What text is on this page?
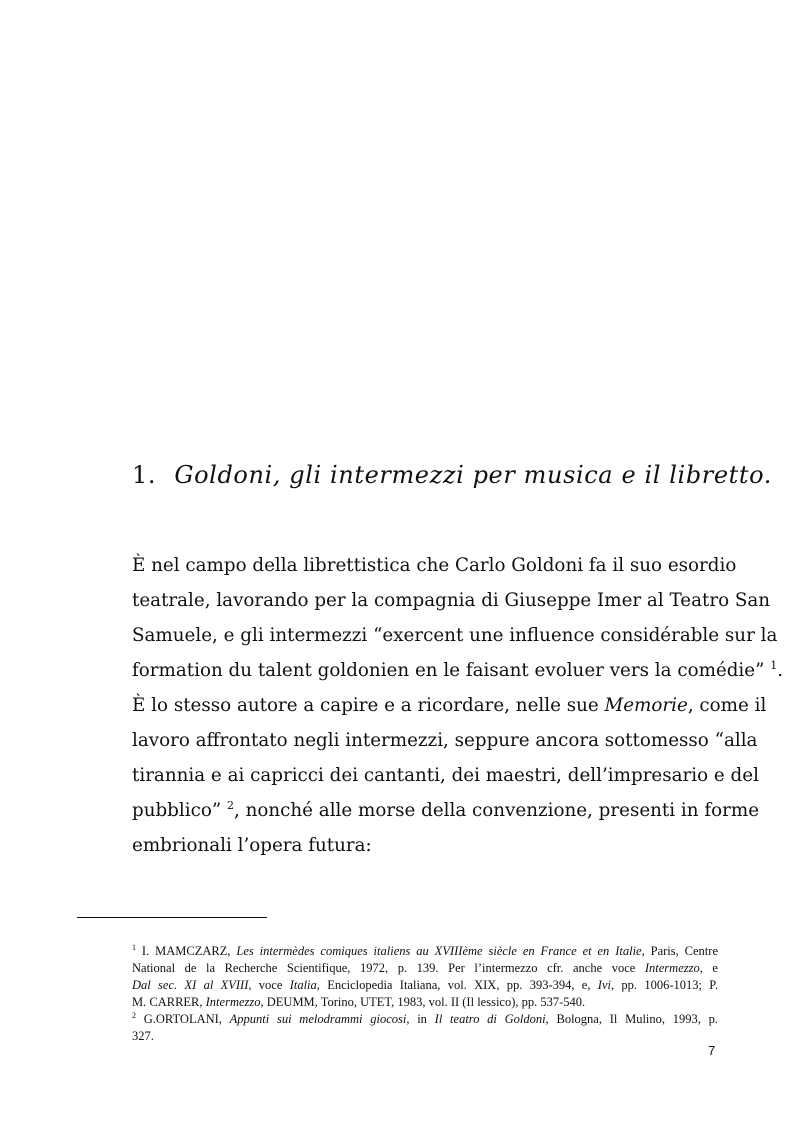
1. Goldoni, gli intermezzi per musica e il libretto.
È nel campo della librettistica che Carlo Goldoni fa il suo esordio
teatrale, lavorando per la compagnia di Giuseppe Imer al Teatro San
Samuele, e gli intermezzi “exercent une influence considérable sur la
formation du talent goldonien en le faisant evoluer vers la comédie” $^1$.
È lo stesso autore a capire e a ricordare, nelle sue Memorie, come il
lavoro affrontato negli intermezzi, seppure ancora sottomesso “alla
tirannia e ai capricci dei cantanti, dei maestri, dell’impresario e del
pubblico” $^2$, nonché alle morse della convenzione, presenti in forme
embrionali l’opera futura:
$^1$ I. MAMCZARZ, Les intermèdes comiques italiens au XVIIIème siècle en France et en Italie, Paris, Centre
National de la Recherche Scientifique, 1972, p. 139. Per l’intermezzo cfr. anche voce Intermezzo, e
Dal sec. XI al XVIII, voce Italia, Enciclopedia Italiana, vol. XIX, pp. 393-394, e, Ivi, pp. 1006-1013; P.
M. CARRER, Intermezzo, DEUMM, Torino, UTET, 1983, vol. II (Il lessico), pp. 537-540.
$^2$ G.ORTOLANI, Appunti sui melodrammi giocosi, in Il teatro di Goldoni, Bologna, Il Mulino, 1993, p.
327.
7
